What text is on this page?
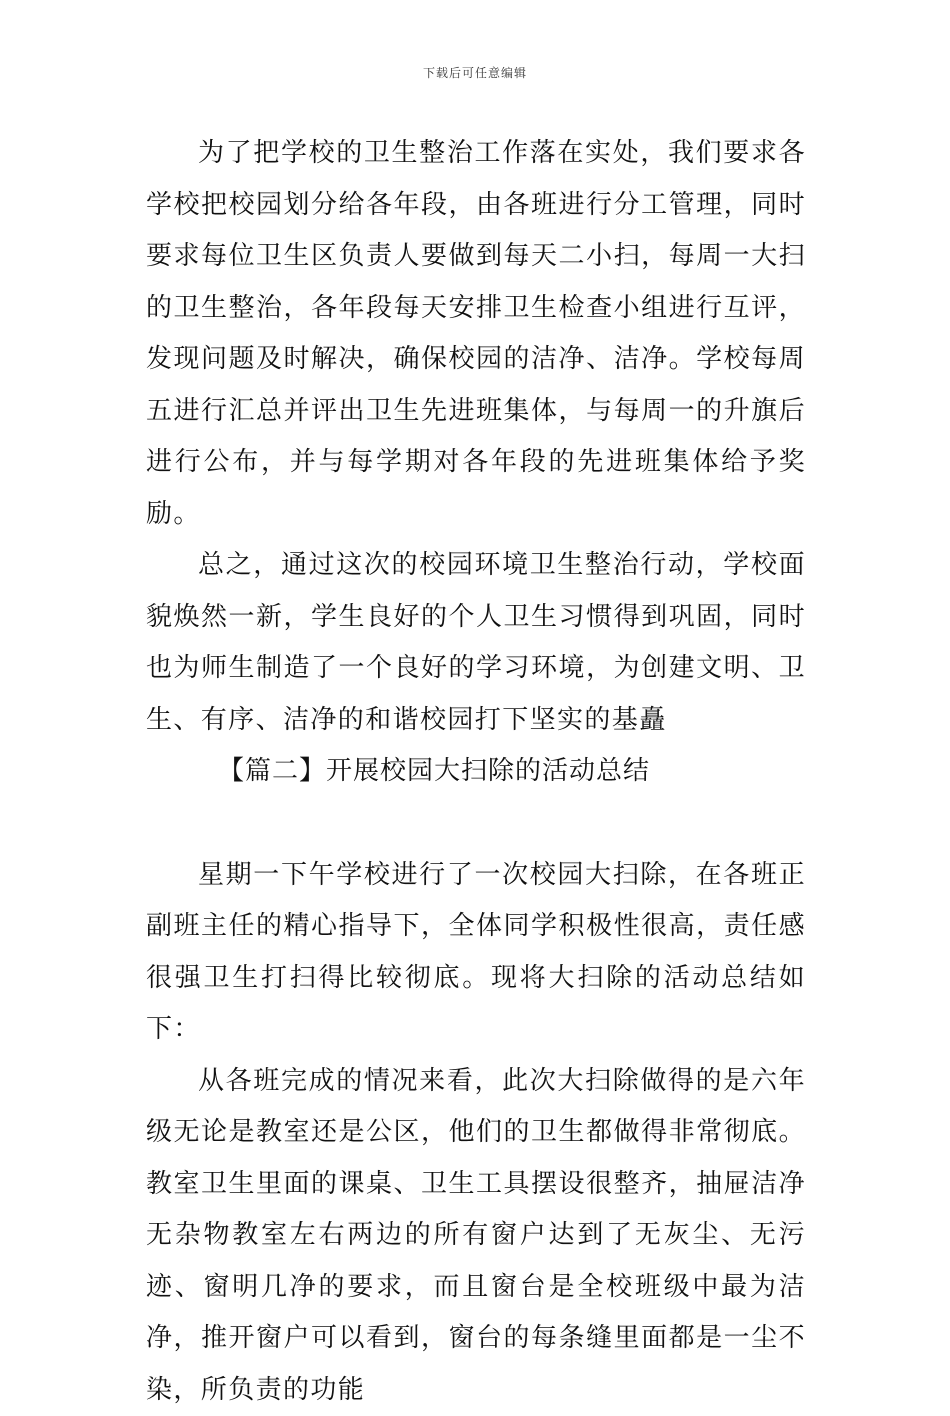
下载后可任意编辑

为了把学校的卫生整治工作落在实处，我们要求各学校把校园划分给各年段，由各班进行分工管理，同时要求每位卫生区负责人要做到每天二小扫，每周一大扫的卫生整治，各年段每天安排卫生检查小组进行互评，发现问题及时解决，确保校园的洁净、洁净。学校每周五进行汇总并评出卫生先进班集体，与每周一的升旗后进行公布，并与每学期对各年段的先进班集体给予奖励。

总之，通过这次的校园环境卫生整治行动，学校面貌焕然一新，学生良好的个人卫生习惯得到巩固，同时也为师生制造了一个良好的学习环境，为创建文明、卫生、有序、洁净的和谐校园打下坚实的基矗

【篇二】开展校园大扫除的活动总结

星期一下午学校进行了一次校园大扫除，在各班正副班主任的精心指导下，全体同学积极性很高，责任感很强卫生打扫得比较彻底。现将大扫除的活动总结如下：

从各班完成的情况来看，此次大扫除做得的是六年级无论是教室还是公区，他们的卫生都做得非常彻底。教室卫生里面的课桌、卫生工具摆设很整齐，抽屉洁净无杂物教室左右两边的所有窗户达到了无灰尘、无污迹、窗明几净的要求，而且窗台是全校班级中最为洁净，推开窗户可以看到，窗台的每条缝里面都是一尘不染，所负责的功能
